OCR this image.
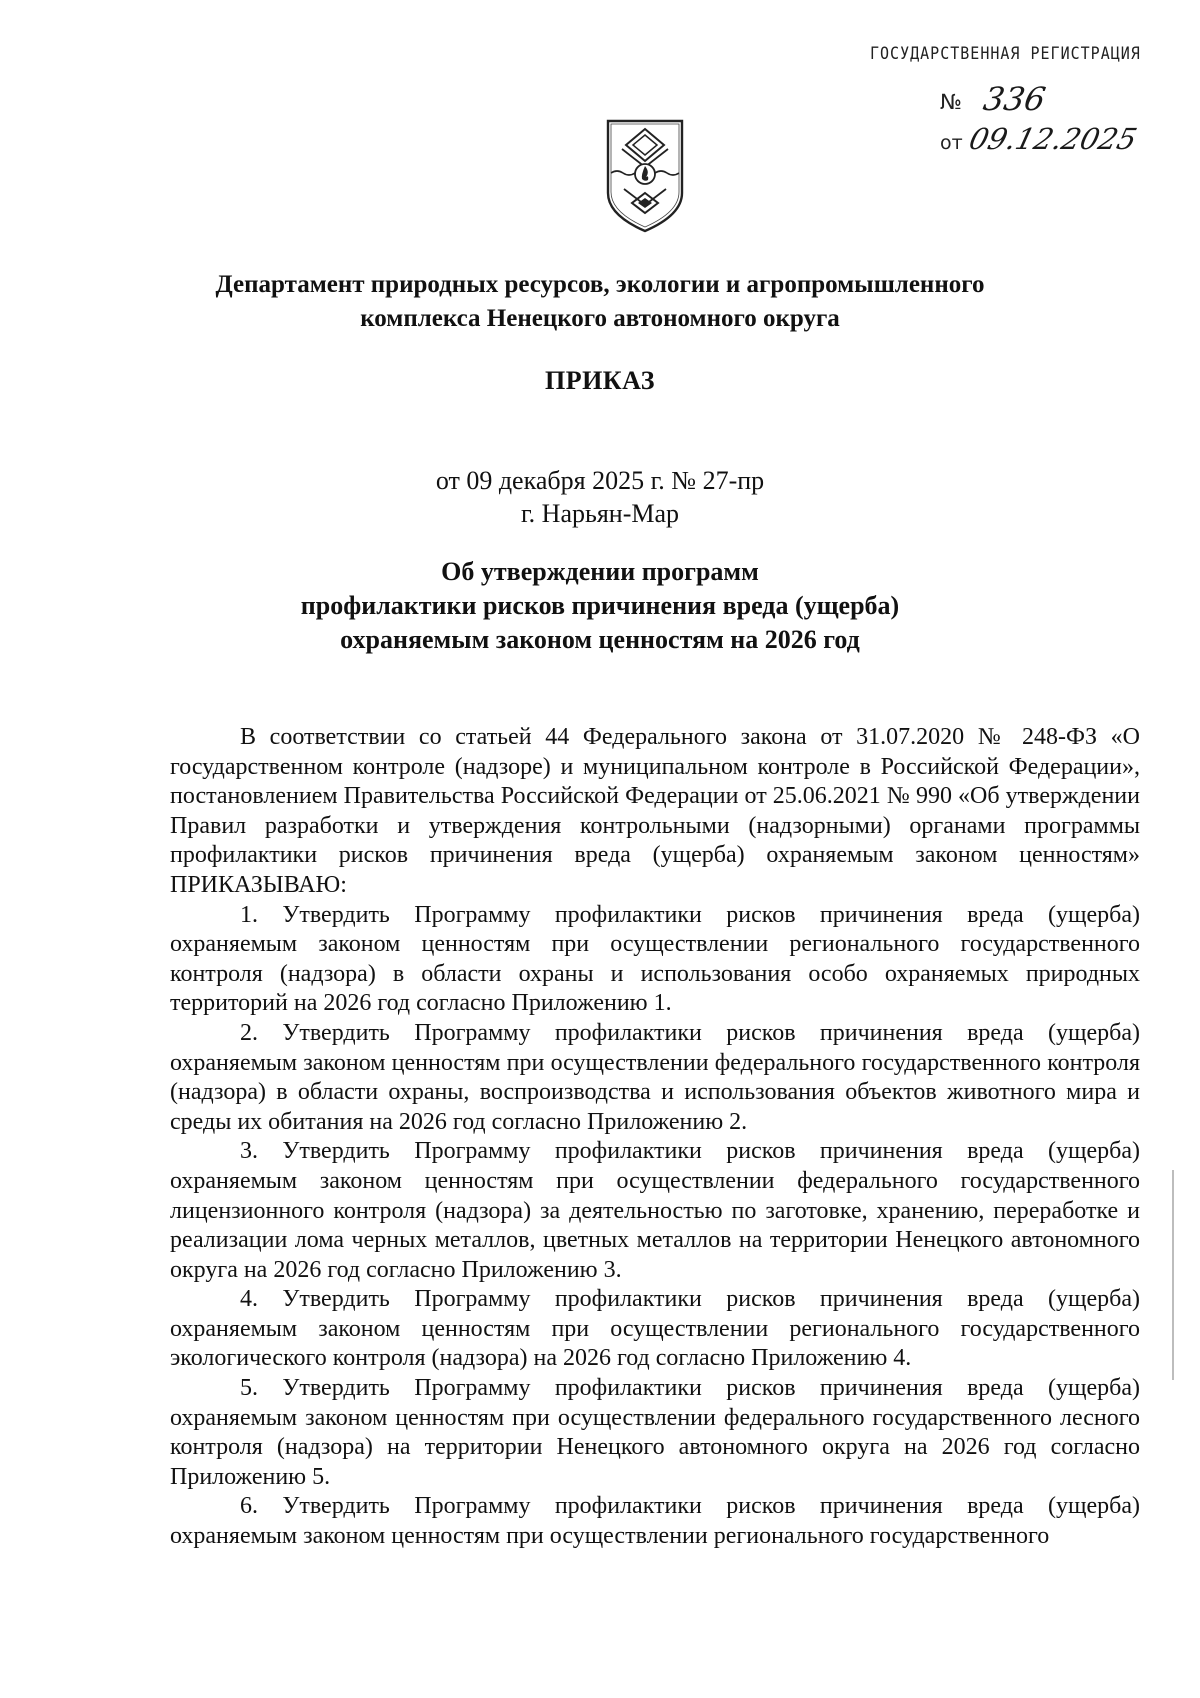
ГОСУДАРСТВЕННАЯ РЕГИСТРАЦИЯ
№ 336
от 09.12.2025
Департамент природных ресурсов, экологии и агропромышленного
комплекса Ненецкого автономного округа
ПРИКАЗ
от 09 декабря 2025 г. № 27-пр
г. Нарьян-Мар
Об утверждении программ
профилактики рисков причинения вреда (ущерба)
охраняемым законом ценностям на 2026 год

В соответствии со статьей 44 Федерального закона от 31.07.2020 № 248-ФЗ «О государственном контроле (надзоре) и муниципальном контроле в Российской Федерации», постановлением Правительства Российской Федерации от 25.06.2021 № 990 «Об утверждении Правил разработки и утверждения контрольными (надзорными) органами программы профилактики рисков причинения вреда (ущерба) охраняемым законом ценностям» ПРИКАЗЫВАЮ:

1. Утвердить Программу профилактики рисков причинения вреда (ущерба) охраняемым законом ценностям при осуществлении регионального государственного контроля (надзора) в области охраны и использования особо охраняемых природных территорий на 2026 год согласно Приложению 1.

2. Утвердить Программу профилактики рисков причинения вреда (ущерба) охраняемым законом ценностям при осуществлении федерального государственного контроля (надзора) в области охраны, воспроизводства и использования объектов животного мира и среды их обитания на 2026 год согласно Приложению 2.

3. Утвердить Программу профилактики рисков причинения вреда (ущерба) охраняемым законом ценностям при осуществлении федерального государственного лицензионного контроля (надзора) за деятельностью по заготовке, хранению, переработке и реализации лома черных металлов, цветных металлов на территории Ненецкого автономного округа на 2026 год согласно Приложению 3.

4. Утвердить Программу профилактики рисков причинения вреда (ущерба) охраняемым законом ценностям при осуществлении регионального государственного экологического контроля (надзора) на 2026 год согласно Приложению 4.

5. Утвердить Программу профилактики рисков причинения вреда (ущерба) охраняемым законом ценностям при осуществлении федерального государственного лесного контроля (надзора) на территории Ненецкого автономного округа на 2026 год согласно Приложению 5.

6. Утвердить Программу профилактики рисков причинения вреда (ущерба) охраняемым законом ценностям при осуществлении регионального государственного
